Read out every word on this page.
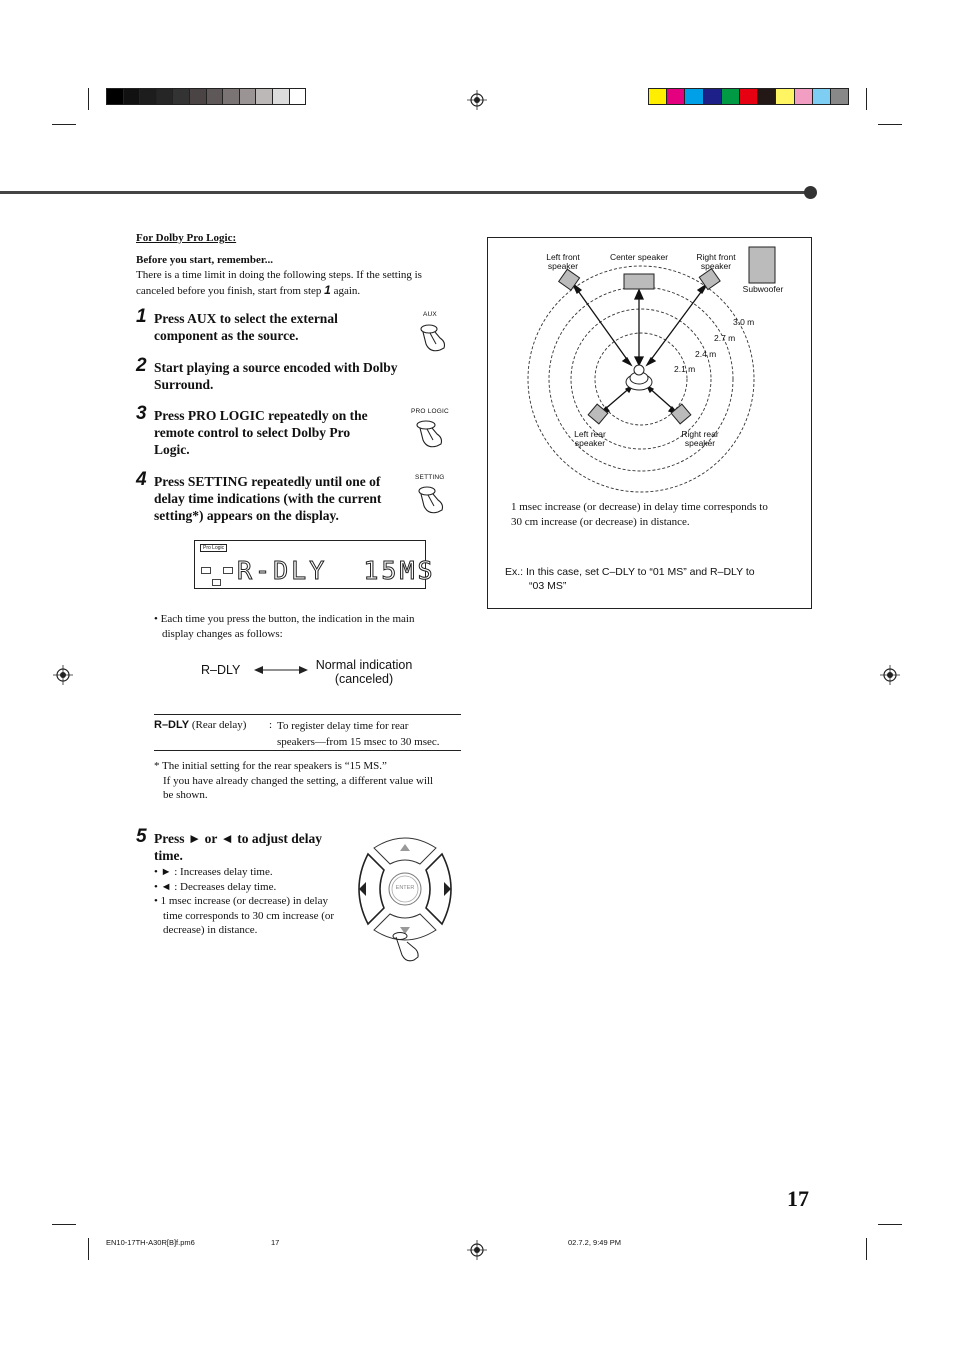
For Dolby Pro Logic:
Before you start, remember...
There is a time limit in doing the following steps. If the setting is
canceled before you finish, start from step 1 again.
1 Press AUX to select the external
component as the source.
AUX
2 Start playing a source encoded with Dolby
Surround.
3 Press PRO LOGIC repeatedly on the
remote control to select Dolby Pro
Logic.
PRO LOGIC
4 Press SETTING repeatedly until one of
delay time indications (with the current
setting*) appears on the display.
SETTING
Pro Logic
R-DLY  15MS
• Each time you press the button, the indication in the main
display changes as follows:
R–DLY	Normal indication
(canceled)
R–DLY (Rear delay) : To register delay time for rear
speakers—from 15 msec to 30 msec.
* The initial setting for the rear speakers is “15 MS.”
If you have already changed the setting, a different value will
be shown.
5 Press ► or ◄ to adjust delay
time.
• ► : Increases delay time.
• ◄ : Decreases delay time.
• 1 msec increase (or decrease) in delay
time corresponds to 30 cm increase (or
decrease) in distance.
ENTER
Left front
speaker
Center speaker	Right front
speaker
Subwoofer
Left rear
speaker
Right rear
speaker
3.0 m
2.7 m
2.4 m
2.1 m
1 msec increase (or decrease) in delay time corresponds to
30 cm increase (or decrease) in distance.
Ex.: In this case, set C–DLY to “01 MS” and R–DLY to
“03 MS”
17
EN10-17TH-A30R[B]f.pm6	17	02.7.2, 9:49 PM
